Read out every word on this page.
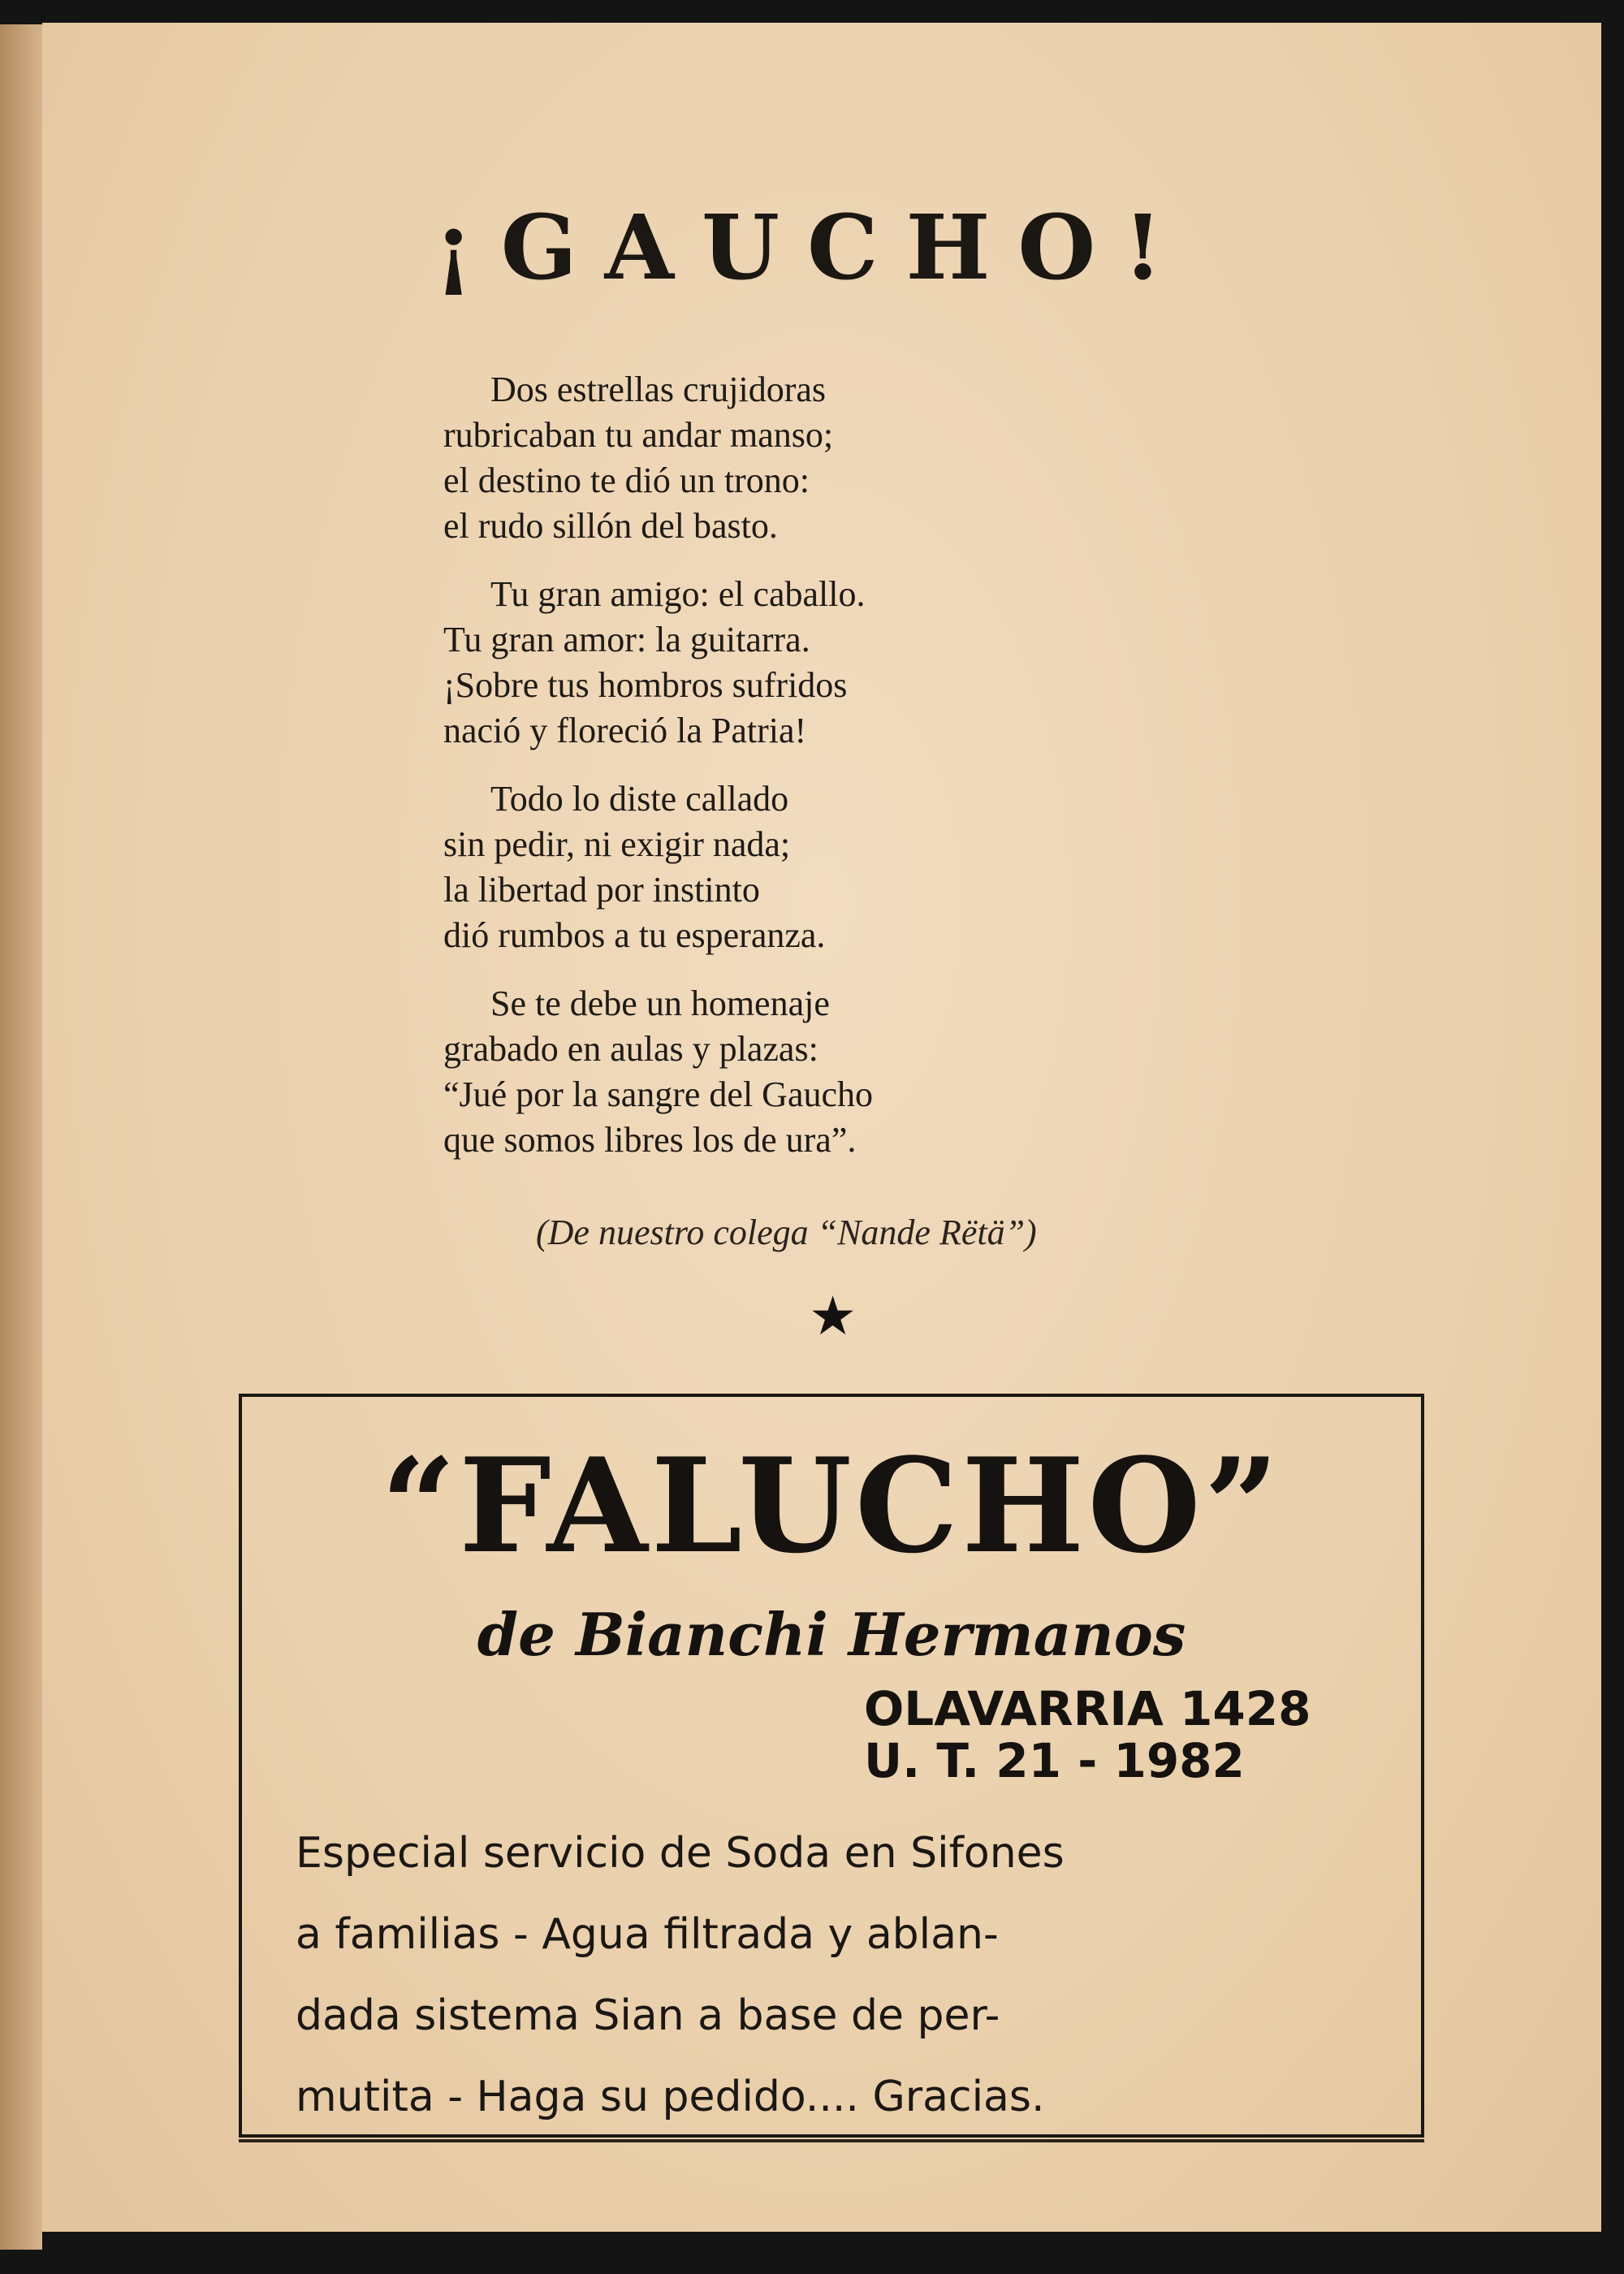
¡GAUCHO!
Dos estrellas crujidoras
rubricaban tu andar manso;
el destino te dió un trono:
el rudo sillón del basto.
Tu gran amigo: el caballo.
Tu gran amor: la guitarra.
¡Sobre tus hombros sufridos
nació y floreció la Patria!
Todo lo diste callado
sin pedir, ni exigir nada;
la libertad por instinto
dió rumbos a tu esperanza.
Se te debe un homenaje
grabado en aulas y plazas:
“Jué por la sangre del Gaucho
que somos libres los de ura”.
(De nuestro colega “Nande Rëtä”)
★
“FALUCHO”
de Bianchi Hermanos
OLAVARRIA 1428
U. T. 21 - 1982
Especial servicio de Soda en Sifones
a familias - Agua filtrada y ablan-
dada sistema Sian a base de per-
mutita - Haga su pedido.... Gracias.
